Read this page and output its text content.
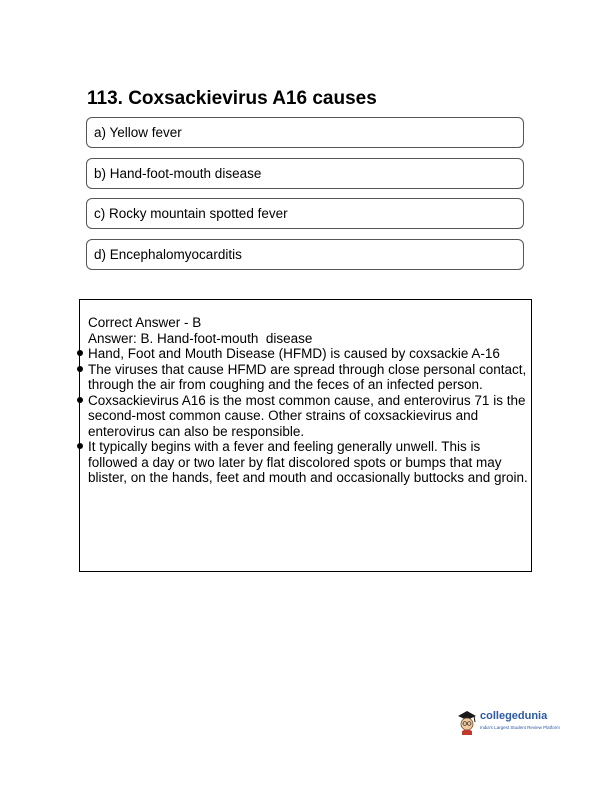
113. Coxsackievirus A16 causes
a) Yellow fever
b) Hand-foot-mouth disease
c) Rocky mountain spotted fever
d) Encephalomyocarditis
Correct Answer - B
Answer: B. Hand-foot-mouth  disease
Hand, Foot and Mouth Disease (HFMD) is caused by coxsackie A-16
The viruses that cause HFMD are spread through close personal contact, through the air from coughing and the feces of an infected person.
Coxsackievirus A16 is the most common cause, and enterovirus 71 is the second-most common cause. Other strains of coxsackievirus and enterovirus can also be responsible.
It typically begins with a fever and feeling generally unwell. This is followed a day or two later by flat discolored spots or bumps that may blister, on the hands, feet and mouth and occasionally buttocks and groin.
collegedunia
India's Largest Student Review Platform
